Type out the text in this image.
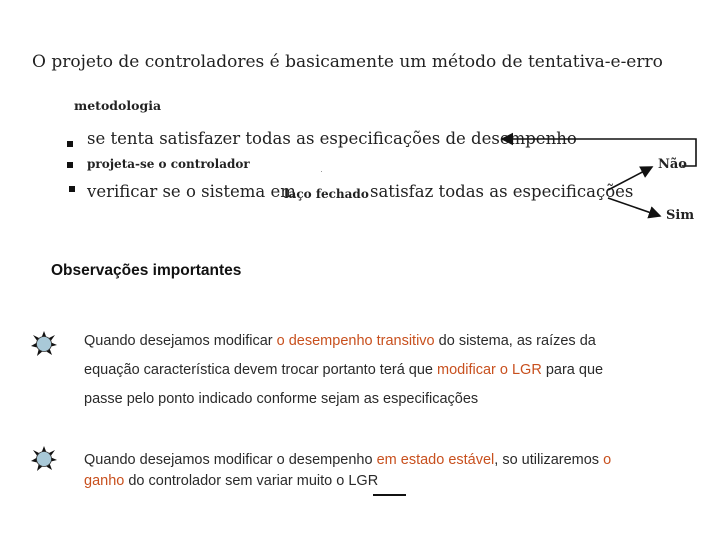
O projeto de controladores é basicamente um método de tentativa-e-erro
metodologia
se tenta satisfazer todas as especificações de desempenho
projeta-se o controlador
verificar se o sistema em
laço fechado satisfaz todas as especificações
Não
Sim
Observações importantes
Quando desejamos modificar o desempenho transitivo do sistema, as raízes da
equação característica devem trocar portanto terá que modificar o LGR para que
passe pelo ponto indicado conforme sejam as especificações
Quando desejamos modificar o desempenho em estado estável, so utilizaremos o
ganho do controlador sem variar muito o LGR
